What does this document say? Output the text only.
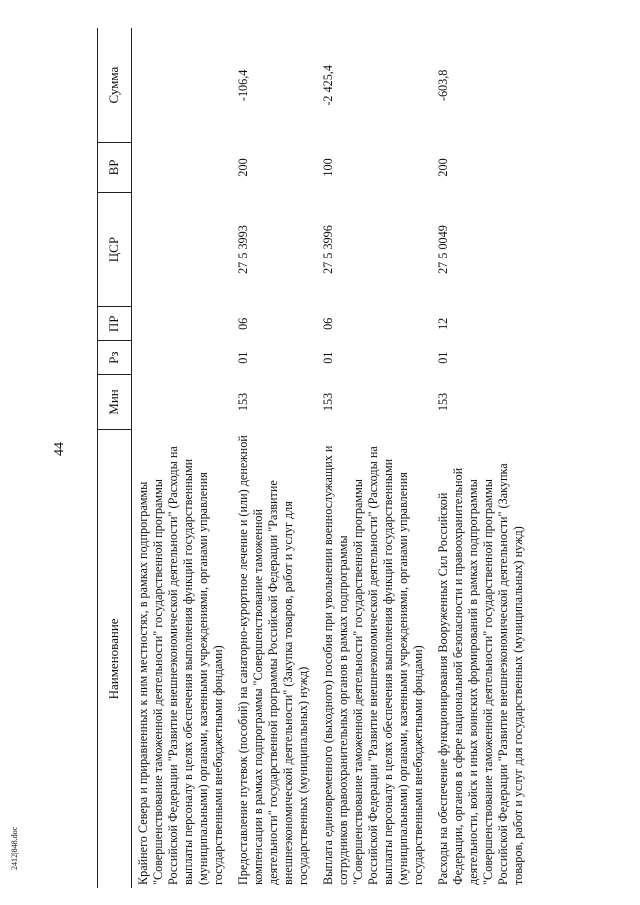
44
2412|848.doc
Наименование	Мин	Рз	ПР	ЦСР	ВР	Сумма
Крайнего Севера и приравненных к ним местностях, в рамках подпрограммы "Совершенствование таможенной деятельности" государственной программы Российской Федерации "Развитие внешнеэкономической деятельности" (Расходы на выплаты персоналу в целях обеспечения выполнения функций государственными (муниципальными) органами, казенными учреждениями, органами управления государственными внебюджетными фондами)						
Предоставление путевок (пособий) на санаторно-курортное лечение и (или) денежной компенсации в рамках подпрограммы "Совершенствование таможенной деятельности" государственной программы Российской Федерации "Развитие внешнеэкономической деятельности" (Закупка товаров, работ и услуг для государственных (муниципальных) нужд)	153	01	06	27 5 3993	200	-106,4
Выплата единовременного (выходного) пособия при увольнении военнослужащих и сотрудников правоохранительных органов в рамках подпрограммы "Совершенствование таможенной деятельности" государственной программы Российской Федерации "Развитие внешнеэкономической деятельности" (Расходы на выплаты персоналу в целях обеспечения выполнения функций государственными (муниципальными) органами, казенными учреждениями, органами управления государственными внебюджетными фондами)	153	01	06	27 5 3996	100	-2 425,4
Расходы на обеспечение функционирования Вооруженных Сил Российской Федерации, органов в сфере национальной безопасности и правоохранительной деятельности, войск и иных воинских формирований в рамках подпрограммы "Совершенствование таможенной деятельности" государственной программы Российской Федерации "Развитие внешнеэкономической деятельности" (Закупка товаров, работ и услуг для государственных (муниципальных) нужд)	153	01	12	27 5 0049	200	-603,8
